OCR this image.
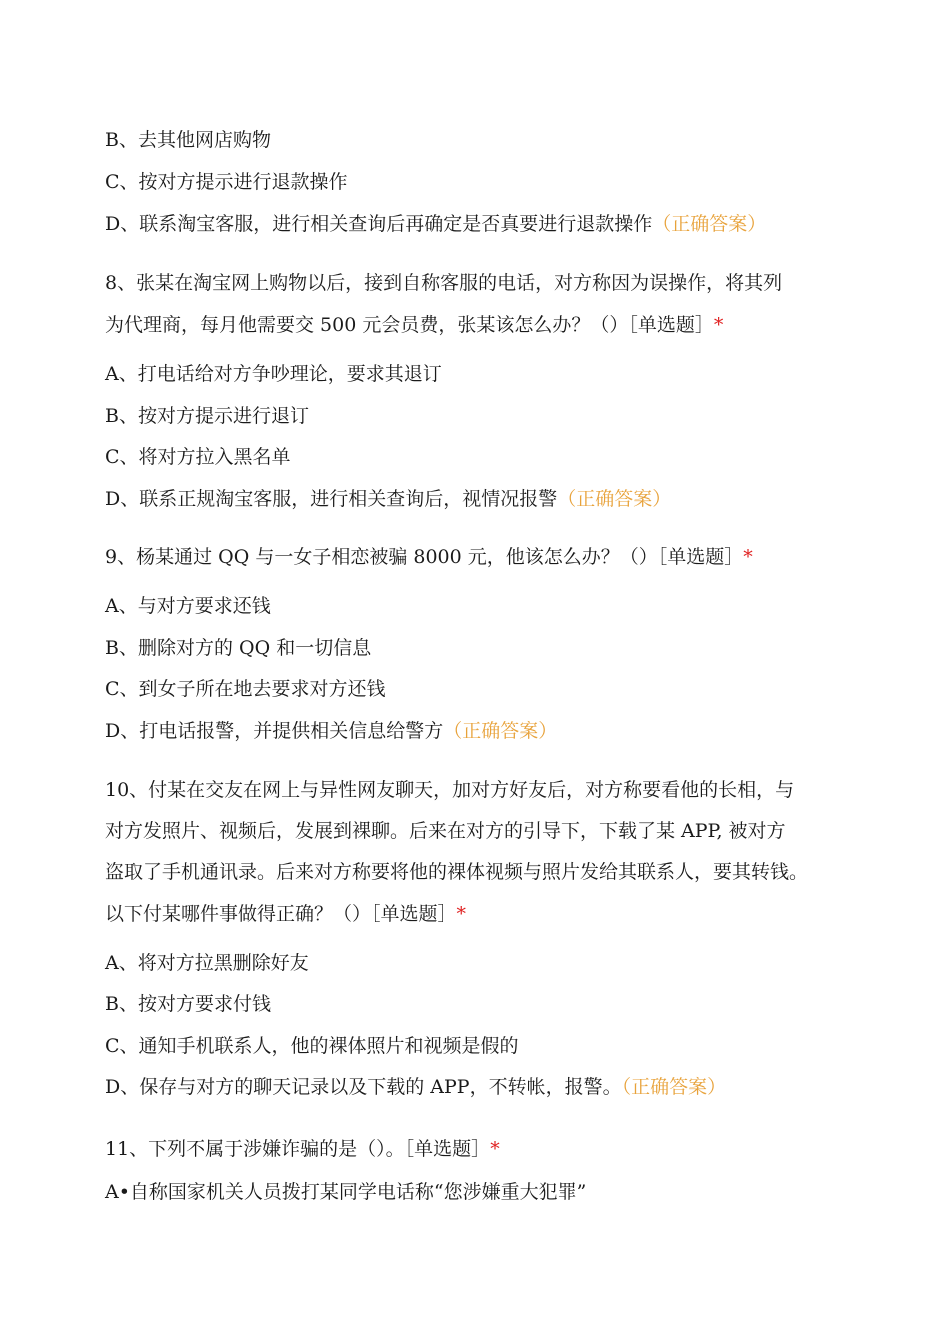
B、去其他网店购物
C、按对方提示进行退款操作
D、联系淘宝客服，进行相关查询后再确定是否真要进行退款操作（正确答案）
8、张某在淘宝网上购物以后，接到自称客服的电话，对方称因为误操作，将其列
为代理商，每月他需要交 500 元会员费，张某该怎么办？（）［单选题］*
A、打电话给对方争吵理论，要求其退订
B、按对方提示进行退订
C、将对方拉入黑名单
D、联系正规淘宝客服，进行相关查询后，视情况报警（正确答案）
9、杨某通过 QQ 与一女子相恋被骗 8000 元，他该怎么办？（）［单选题］*
A、与对方要求还钱
B、删除对方的 QQ 和一切信息
C、到女子所在地去要求对方还钱
D、打电话报警，并提供相关信息给警方（正确答案）
10、付某在交友在网上与异性网友聊天，加对方好友后，对方称要看他的长相，与
对方发照片、视频后，发展到裸聊。后来在对方的引导下，下载了某 APP, 被对方
盗取了手机通讯录。后来对方称要将他的裸体视频与照片发给其联系人，要其转钱。
以下付某哪件事做得正确？（）［单选题］*
A、将对方拉黑删除好友
B、按对方要求付钱
C、通知手机联系人，他的裸体照片和视频是假的
D、保存与对方的聊天记录以及下载的 APP，不转帐，报警。（正确答案）
11、下列不属于涉嫌诈骗的是（）。［单选题］*
A•自称国家机关人员拨打某同学电话称“您涉嫌重大犯罪”
